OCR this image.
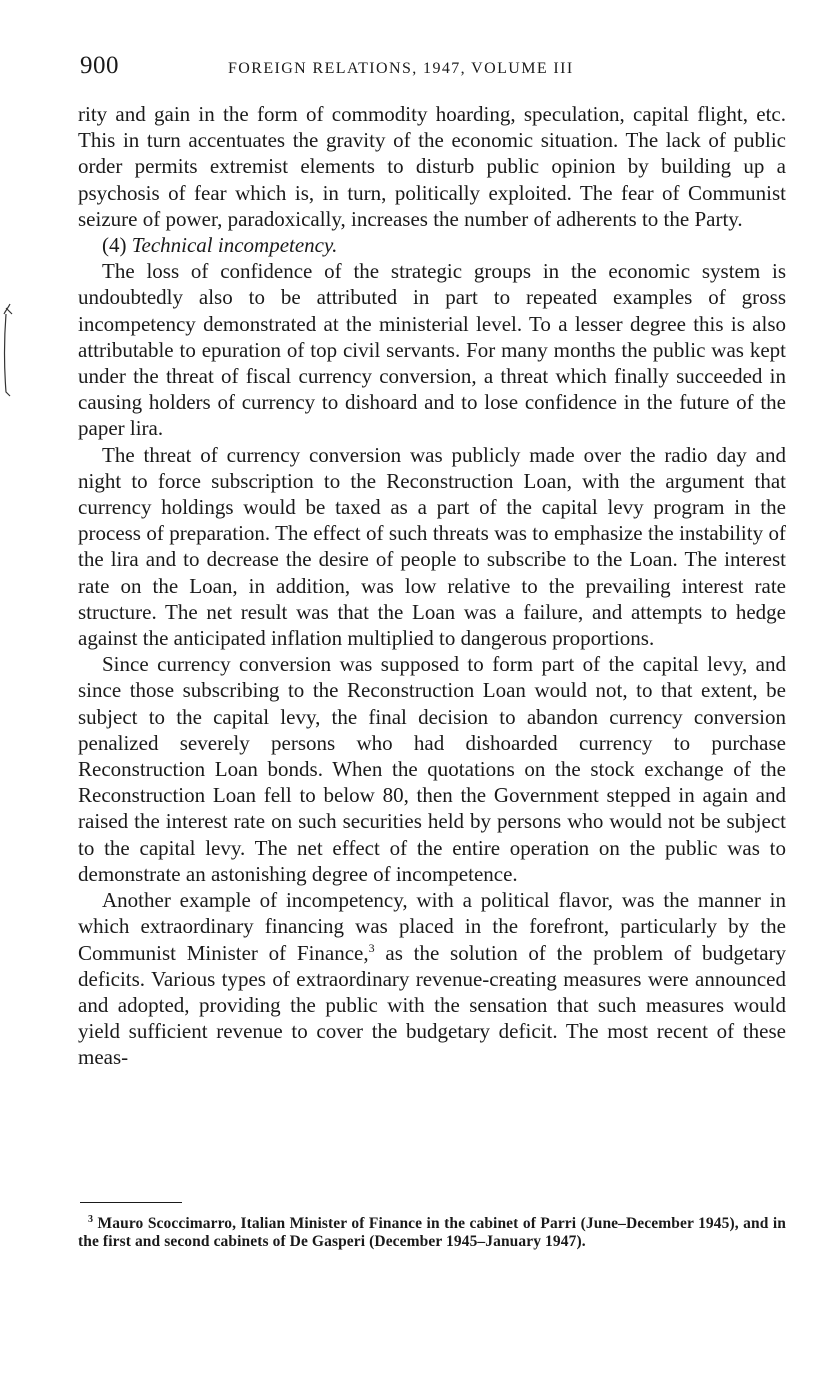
900	FOREIGN RELATIONS, 1947, VOLUME III

rity and gain in the form of commodity hoarding, speculation, capital flight, etc. This in turn accentuates the gravity of the economic situation. The lack of public order permits extremist elements to disturb public opinion by building up a psychosis of fear which is, in turn, politically exploited. The fear of Communist seizure of power, paradoxically, increases the number of adherents to the Party.

(4) Technical incompetency.

The loss of confidence of the strategic groups in the economic system is undoubtedly also to be attributed in part to repeated examples of gross incompetency demonstrated at the ministerial level. To a lesser degree this is also attributable to epuration of top civil servants. For many months the public was kept under the threat of fiscal currency conversion, a threat which finally succeeded in causing holders of currency to dishoard and to lose confidence in the future of the paper lira.

The threat of currency conversion was publicly made over the radio day and night to force subscription to the Reconstruction Loan, with the argument that currency holdings would be taxed as a part of the capital levy program in the process of preparation. The effect of such threats was to emphasize the instability of the lira and to decrease the desire of people to subscribe to the Loan. The interest rate on the Loan, in addition, was low relative to the prevailing interest rate structure. The net result was that the Loan was a failure, and attempts to hedge against the anticipated inflation multiplied to dangerous proportions.

Since currency conversion was supposed to form part of the capital levy, and since those subscribing to the Reconstruction Loan would not, to that extent, be subject to the capital levy, the final decision to abandon currency conversion penalized severely persons who had dishoarded currency to purchase Reconstruction Loan bonds. When the quotations on the stock exchange of the Reconstruction Loan fell to below 80, then the Government stepped in again and raised the interest rate on such securities held by persons who would not be subject to the capital levy. The net effect of the entire operation on the public was to demonstrate an astonishing degree of incompetence.

Another example of incompetency, with a political flavor, was the manner in which extraordinary financing was placed in the forefront, particularly by the Communist Minister of Finance,$^3$ as the solution of the problem of budgetary deficits. Various types of extraordinary revenue-creating measures were announced and adopted, providing the public with the sensation that such measures would yield sufficient revenue to cover the budgetary deficit. The most recent of these meas-

$^3$ Mauro Scoccimarro, Italian Minister of Finance in the cabinet of Parri (June–December 1945), and in the first and second cabinets of De Gasperi (December 1945–January 1947).
